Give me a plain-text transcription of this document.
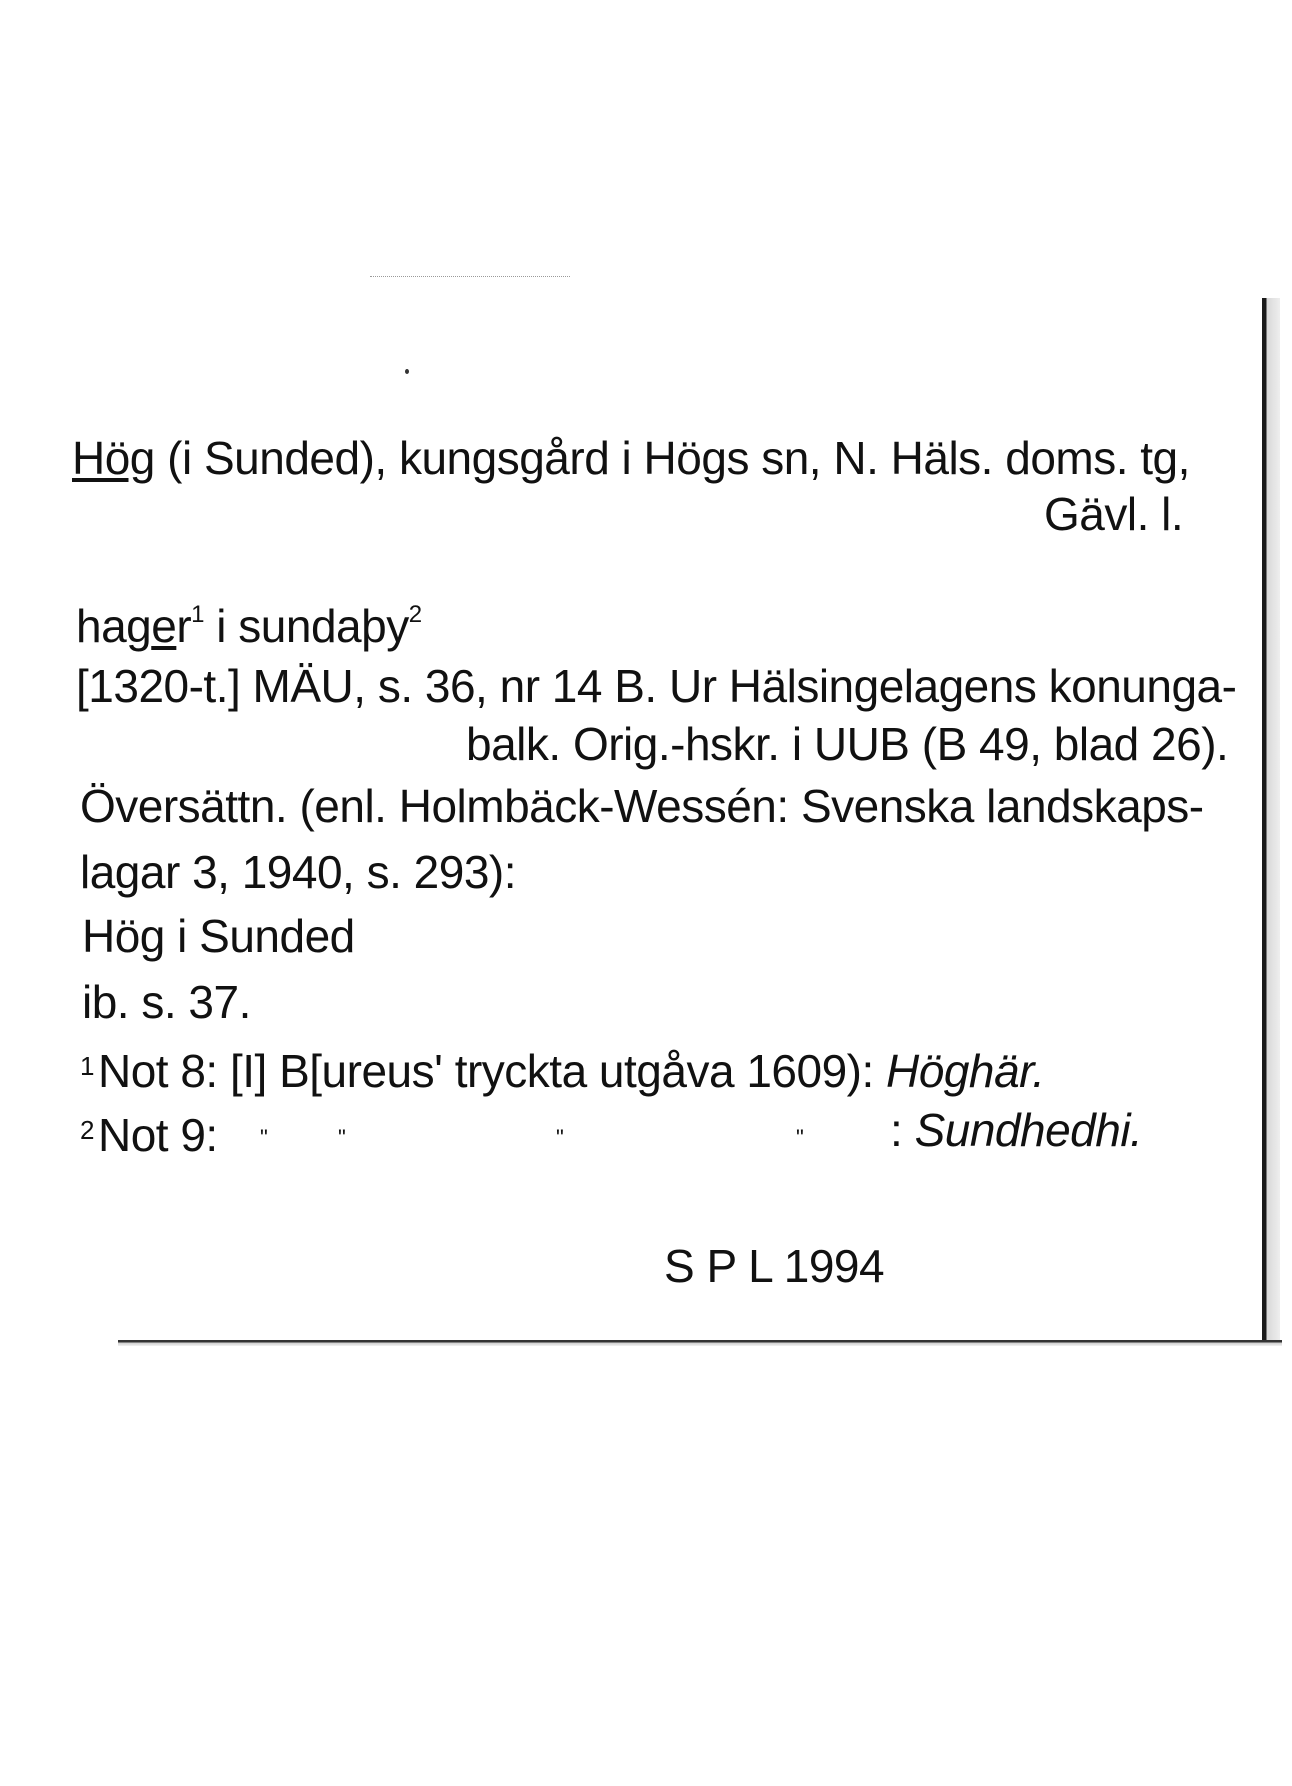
Hög (i Sunded), kungsgård i Högs sn, N. Häls. doms. tg,
Gävl. l.
hager$^1$ i sundaþy$^2$
[1320-t.] MÄU, s. 36, nr 14 B. Ur Hälsingelagens konunga-
balk. Orig.-hskr. i UUB (B 49, blad 26).
Översättn. (enl. Holmbäck-Wessén: Svenska landskaps-
lagar 3, 1940, s. 293):
Hög i Sunded
ib. s. 37.
$^1$Not 8: [I] B[ureus' tryckta utgåva 1609): Höghär.
$^2$Not 9: "	"	"	" : Sundhedhi.
S P L 1994
